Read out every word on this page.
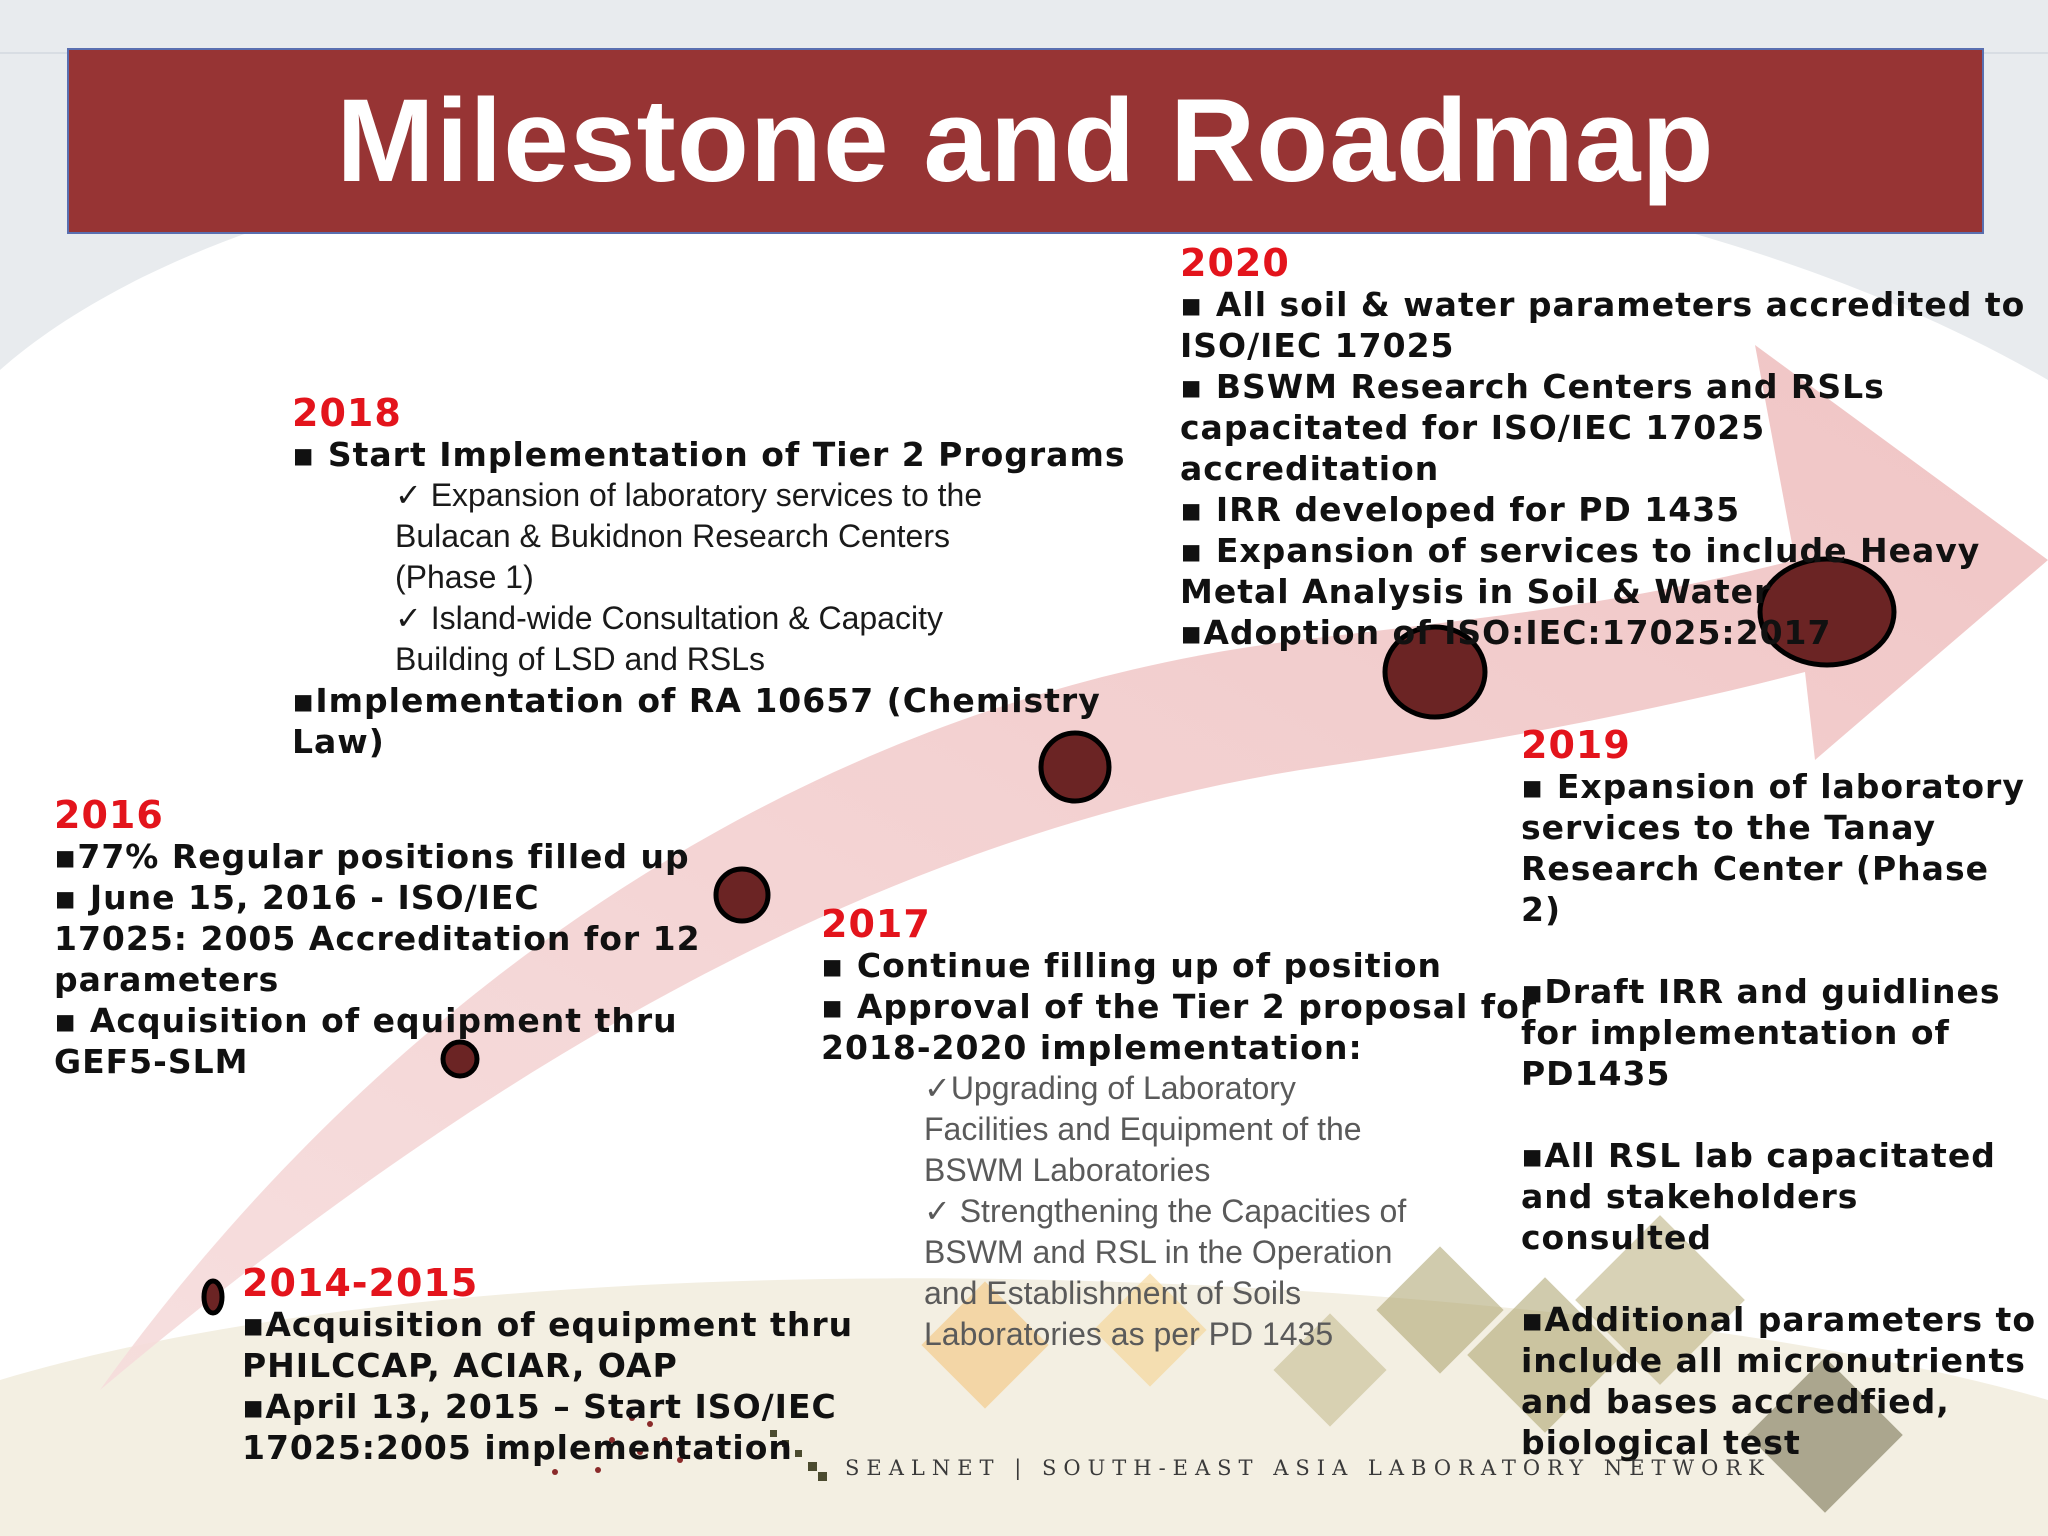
Milestone and Roadmap
2020
▪ All soil & water parameters accredited to
ISO/IEC 17025
▪ BSWM Research Centers and RSLs
capacitated for ISO/IEC 17025
accreditation
▪ IRR developed for PD 1435
▪ Expansion of services to include Heavy
Metal Analysis in Soil & Water
▪Adoption of ISO:IEC:17025:2017
2018
▪ Start Implementation of Tier 2 Programs
✓ Expansion of laboratory services to the
Bulacan & Bukidnon Research Centers
(Phase 1)
✓ Island-wide Consultation & Capacity
Building of LSD and RSLs
▪Implementation of RA 10657 (Chemistry
Law)
2016
▪77% Regular positions filled up
▪ June 15, 2016 - ISO/IEC
17025: 2005 Accreditation for 12
parameters
▪ Acquisition of equipment thru
GEF5-SLM
2017
▪ Continue filling up of position
▪ Approval of the Tier 2 proposal for
2018-2020 implementation:
✓Upgrading of Laboratory
Facilities and Equipment of the
BSWM Laboratories
✓ Strengthening the Capacities of
BSWM and RSL in the Operation
and Establishment of Soils
Laboratories as per PD 1435
2019
▪ Expansion of laboratory
services to the Tanay
Research Center (Phase
2)
▪Draft IRR and guidlines
for implementation of
PD1435
▪All RSL lab capacitated
and stakeholders
consulted
▪Additional parameters to
include all micronutrients
and bases accredfied,
biological test
2014-2015
▪Acquisition of equipment thru
PHILCCAP, ACIAR, OAP
▪April 13, 2015 – Start ISO/IEC
17025:2005 implementation
SEALNET | SOUTH-EAST ASIA LABORATORY NETWORK
